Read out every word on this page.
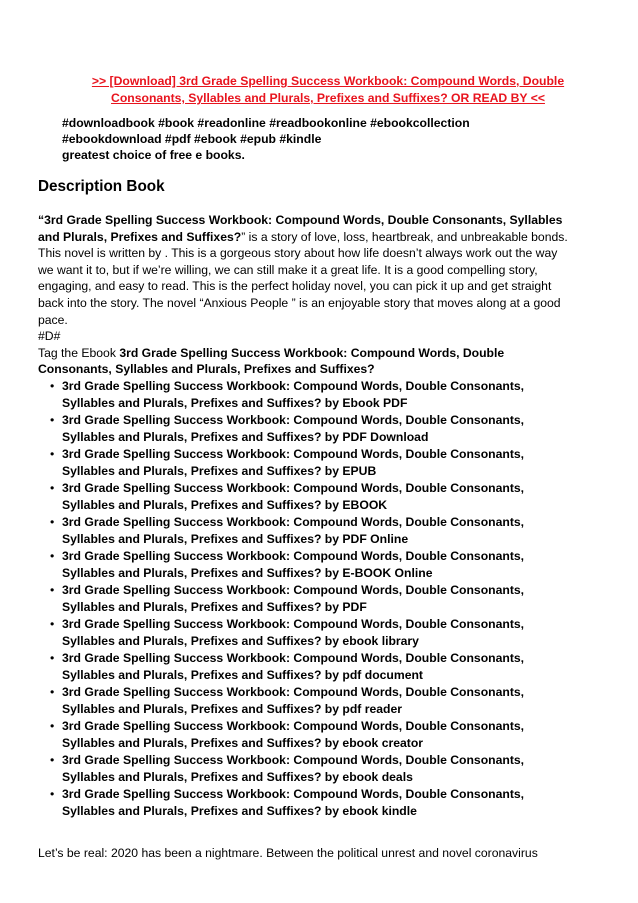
>> [Download] 3rd Grade Spelling Success Workbook: Compound Words, Double
Consonants, Syllables and Plurals, Prefixes and Suffixes? OR READ BY <<
#downloadbook #book #readonline #readbookonline #ebookcollection
#ebookdownload #pdf #ebook #epub #kindle
greatest choice of free e books.
Description Book
“3rd Grade Spelling Success Workbook: Compound Words, Double Consonants, Syllables
and Plurals, Prefixes and Suffixes?” is a story of love, loss, heartbreak, and unbreakable bonds.
This novel is written by . This is a gorgeous story about how life doesn’t always work out the way
we want it to, but if we’re willing, we can still make it a great life. It is a good compelling story,
engaging, and easy to read. This is the perfect holiday novel, you can pick it up and get straight
back into the story. The novel “Anxious People ” is an enjoyable story that moves along at a good
pace.
#D#
Tag the Ebook 3rd Grade Spelling Success Workbook: Compound Words, Double
Consonants, Syllables and Plurals, Prefixes and Suffixes?
• 3rd Grade Spelling Success Workbook: Compound Words, Double Consonants,
Syllables and Plurals, Prefixes and Suffixes? by Ebook PDF
• 3rd Grade Spelling Success Workbook: Compound Words, Double Consonants,
Syllables and Plurals, Prefixes and Suffixes? by PDF Download
• 3rd Grade Spelling Success Workbook: Compound Words, Double Consonants,
Syllables and Plurals, Prefixes and Suffixes? by EPUB
• 3rd Grade Spelling Success Workbook: Compound Words, Double Consonants,
Syllables and Plurals, Prefixes and Suffixes? by EBOOK
• 3rd Grade Spelling Success Workbook: Compound Words, Double Consonants,
Syllables and Plurals, Prefixes and Suffixes? by PDF Online
• 3rd Grade Spelling Success Workbook: Compound Words, Double Consonants,
Syllables and Plurals, Prefixes and Suffixes? by E-BOOK Online
• 3rd Grade Spelling Success Workbook: Compound Words, Double Consonants,
Syllables and Plurals, Prefixes and Suffixes? by PDF
• 3rd Grade Spelling Success Workbook: Compound Words, Double Consonants,
Syllables and Plurals, Prefixes and Suffixes? by ebook library
• 3rd Grade Spelling Success Workbook: Compound Words, Double Consonants,
Syllables and Plurals, Prefixes and Suffixes? by pdf document
• 3rd Grade Spelling Success Workbook: Compound Words, Double Consonants,
Syllables and Plurals, Prefixes and Suffixes? by pdf reader
• 3rd Grade Spelling Success Workbook: Compound Words, Double Consonants,
Syllables and Plurals, Prefixes and Suffixes? by ebook creator
• 3rd Grade Spelling Success Workbook: Compound Words, Double Consonants,
Syllables and Plurals, Prefixes and Suffixes? by ebook deals
• 3rd Grade Spelling Success Workbook: Compound Words, Double Consonants,
Syllables and Plurals, Prefixes and Suffixes? by ebook kindle
Let’s be real: 2020 has been a nightmare. Between the political unrest and novel coronavirus
